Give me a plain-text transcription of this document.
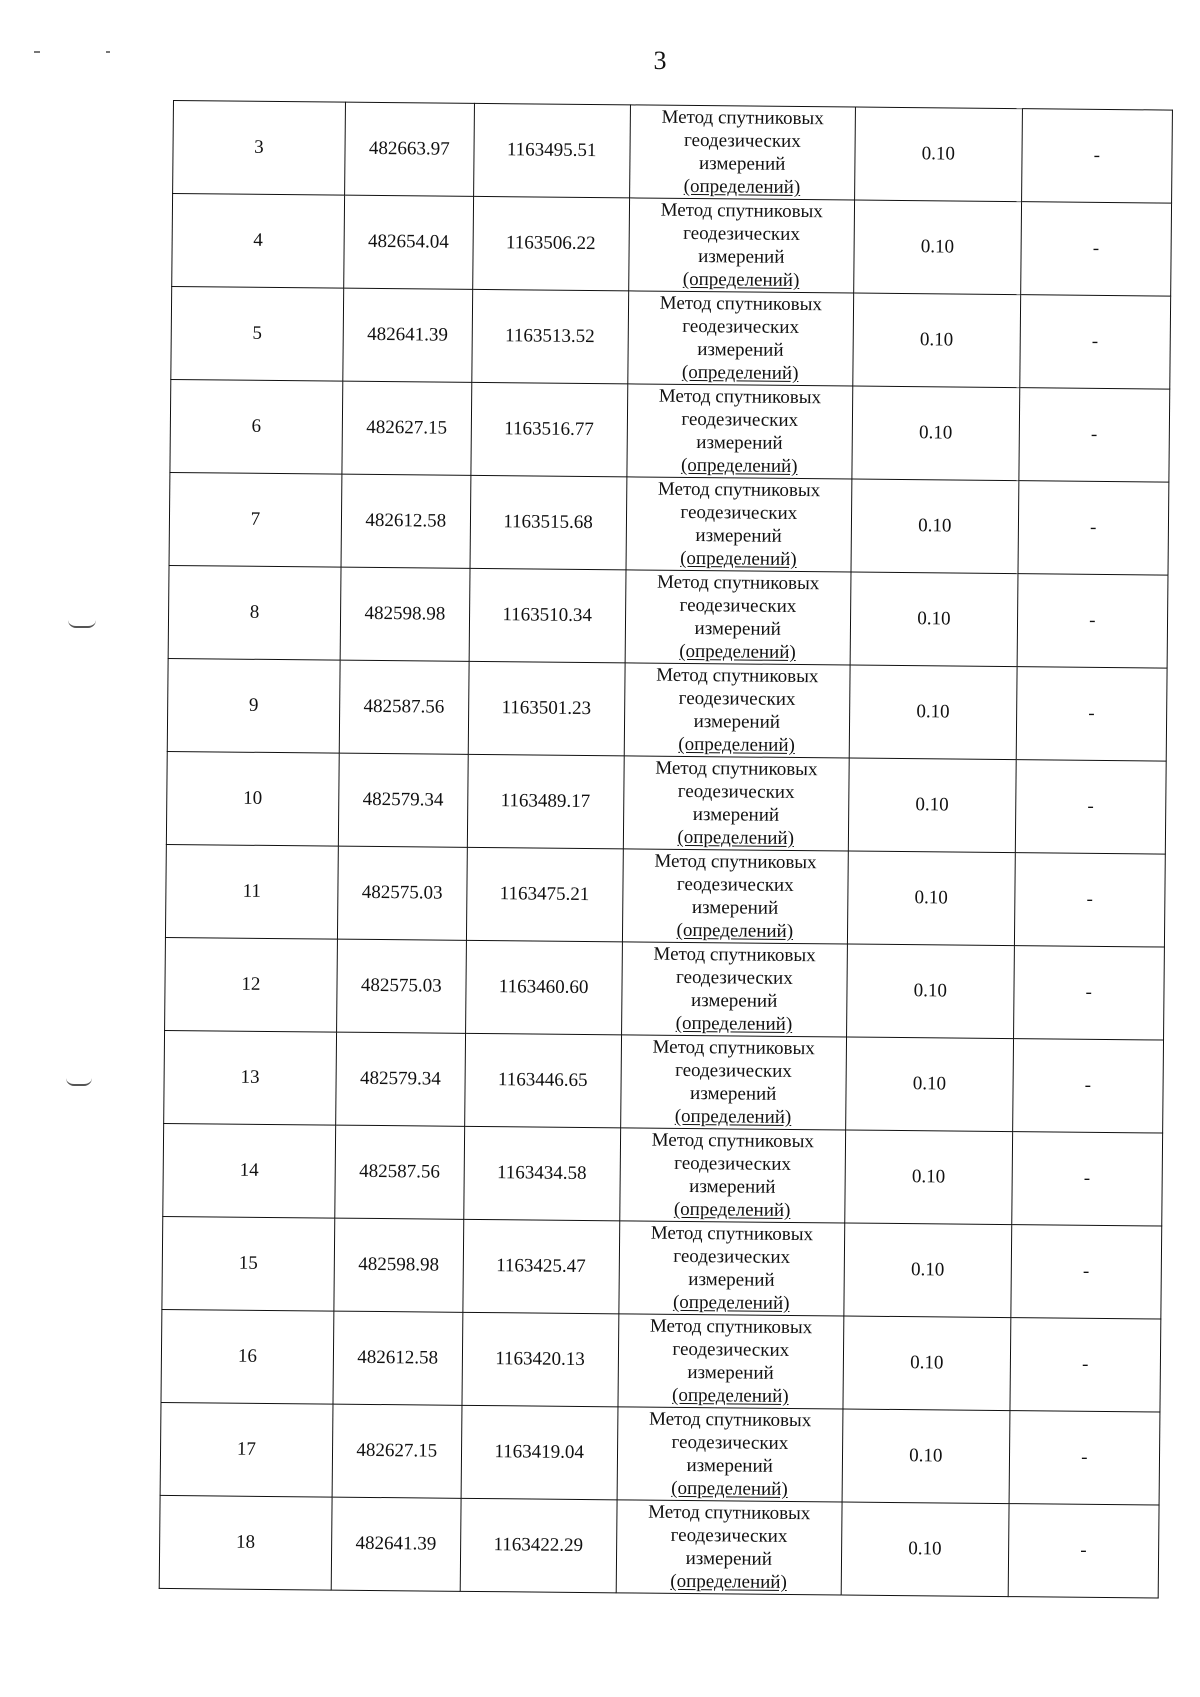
3
3	482663.97	1163495.51	Метод спутниковых
геодезических
измерений
(определений)	0.10	-
4	482654.04	1163506.22	Метод спутниковых
геодезических
измерений
(определений)	0.10	-
5	482641.39	1163513.52	Метод спутниковых
геодезических
измерений
(определений)	0.10	-
6	482627.15	1163516.77	Метод спутниковых
геодезических
измерений
(определений)	0.10	-
7	482612.58	1163515.68	Метод спутниковых
геодезических
измерений
(определений)	0.10	-
8	482598.98	1163510.34	Метод спутниковых
геодезических
измерений
(определений)	0.10	-
9	482587.56	1163501.23	Метод спутниковых
геодезических
измерений
(определений)	0.10	-
10	482579.34	1163489.17	Метод спутниковых
геодезических
измерений
(определений)	0.10	-
11	482575.03	1163475.21	Метод спутниковых
геодезических
измерений
(определений)	0.10	-
12	482575.03	1163460.60	Метод спутниковых
геодезических
измерений
(определений)	0.10	-
13	482579.34	1163446.65	Метод спутниковых
геодезических
измерений
(определений)	0.10	-
14	482587.56	1163434.58	Метод спутниковых
геодезических
измерений
(определений)	0.10	-
15	482598.98	1163425.47	Метод спутниковых
геодезических
измерений
(определений)	0.10	-
16	482612.58	1163420.13	Метод спутниковых
геодезических
измерений
(определений)	0.10	-
17	482627.15	1163419.04	Метод спутниковых
геодезических
измерений
(определений)	0.10	-
18	482641.39	1163422.29	Метод спутниковых
геодезических
измерений
(определений)	0.10	-
